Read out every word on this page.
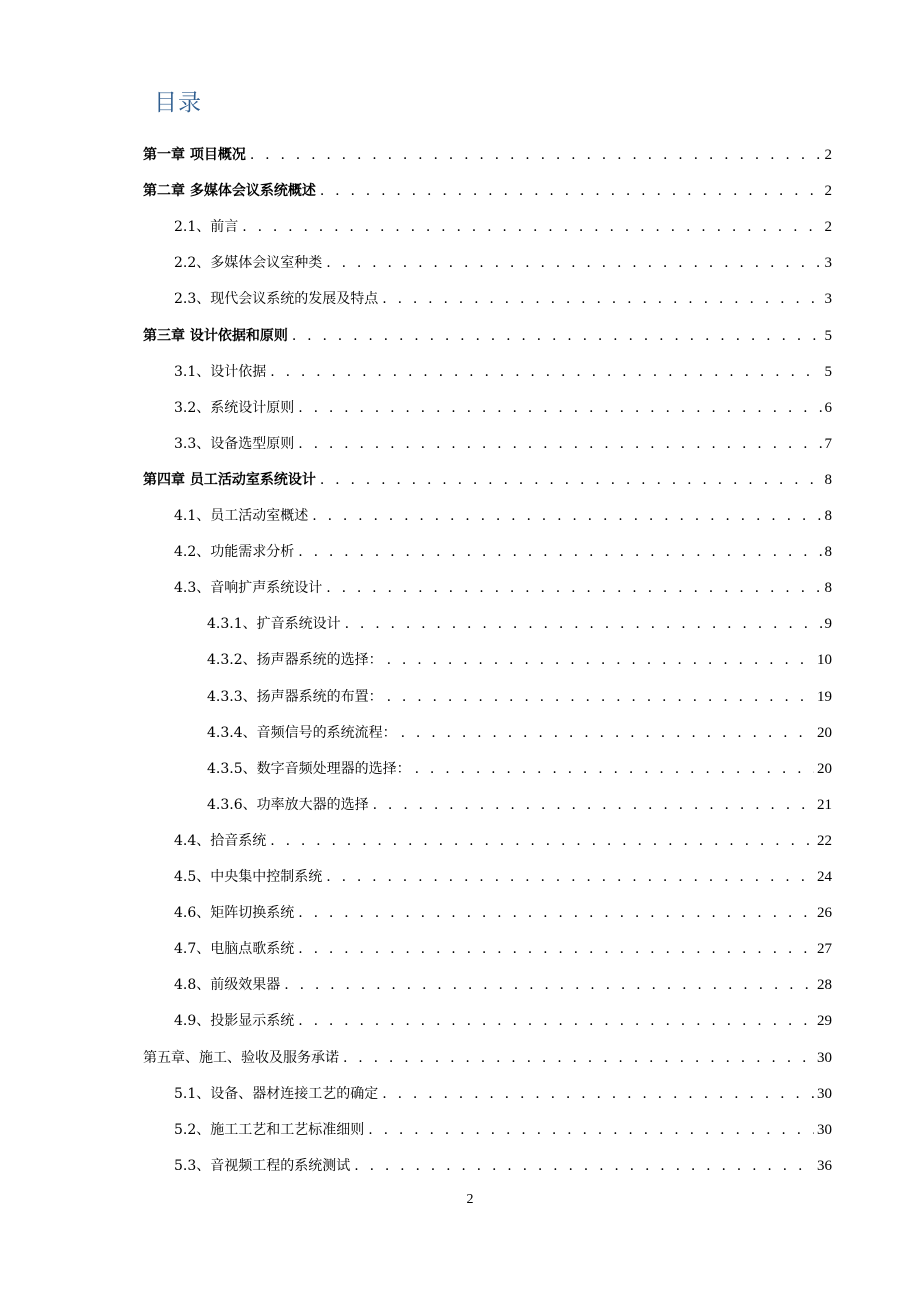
目录
第一章 项目概况 . . .	2
第二章 多媒体会议系统概述 . . .	2
2.1、前言 . . .	2
2.2、多媒体会议室种类 . . .	3
2.3、现代会议系统的发展及特点 . . .	3
第三章 设计依据和原则 . . .	5
3.1、设计依据 . . .	5
3.2、系统设计原则 . . .	6
3.3、设备选型原则 . . .	7
第四章 员工活动室系统设计 . . .	8
4.1、员工活动室概述 . . .	8
4.2、功能需求分析 . . .	8
4.3、音响扩声系统设计 . . .	8
4.3.1、扩音系统设计 . . .	9
4.3.2、扬声器系统的选择： . . .	10
4.3.3、扬声器系统的布置： . . .	19
4.3.4、音频信号的系统流程： . . .	20
4.3.5、数字音频处理器的选择： . . .	20
4.3.6、功率放大器的选择 . . .	21
4.4、拾音系统 . . .	22
4.5、中央集中控制系统 . . .	24
4.6、矩阵切换系统 . . .	26
4.7、电脑点歌系统 . . .	27
4.8、前级效果器 . . .	28
4.9、投影显示系统 . . .	29
第五章、施工、验收及服务承诺 . . .	30
5.1、设备、器材连接工艺的确定 . . .	30
5.2、施工工艺和工艺标准细则 . . .	30
5.3、音视频工程的系统测试 . . .	36
2
